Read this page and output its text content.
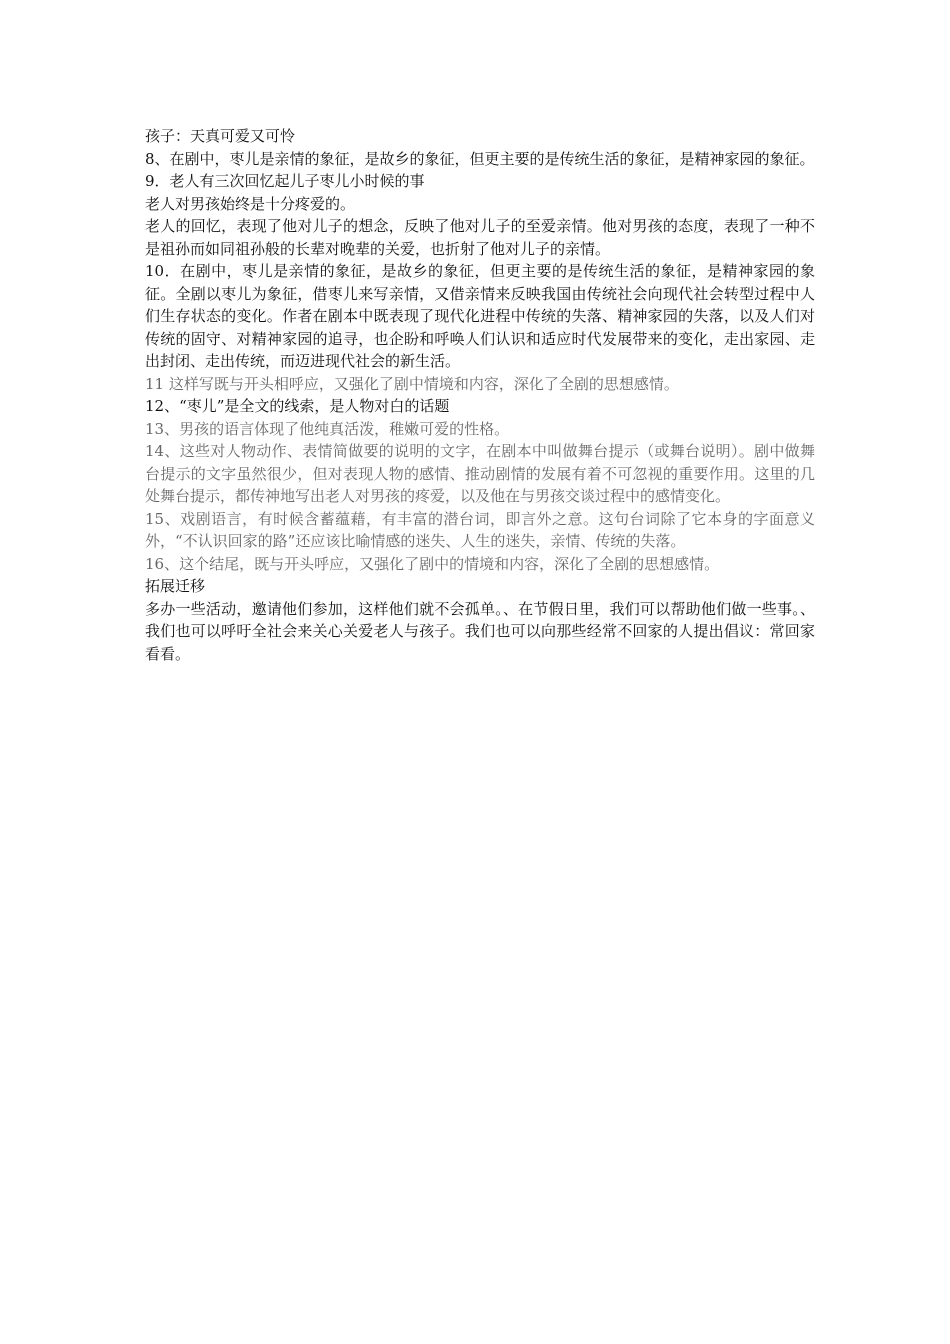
孩子：天真可爱又可怜

8、在剧中，枣儿是亲情的象征，是故乡的象征，但更主要的是传统生活的象征，是精神家园的象征。

9．老人有三次回忆起儿子枣儿小时候的事

老人对男孩始终是十分疼爱的。

老人的回忆，表现了他对儿子的想念，反映了他对儿子的至爱亲情。他对男孩的态度，表现了一种不是祖孙而如同祖孙般的长辈对晚辈的关爱，也折射了他对儿子的亲情。

10．在剧中，枣儿是亲情的象征，是故乡的象征，但更主要的是传统生活的象征，是精神家园的象征。全剧以枣儿为象征，借枣儿来写亲情，又借亲情来反映我国由传统社会向现代社会转型过程中人们生存状态的变化。作者在剧本中既表现了现代化进程中传统的失落、精神家园的失落，以及人们对传统的固守、对精神家园的追寻，也企盼和呼唤人们认识和适应时代发展带来的变化，走出家园、走出封闭、走出传统，而迈进现代社会的新生活。

11 这样写既与开头相呼应，又强化了剧中情境和内容，深化了全剧的思想感情。

12、“枣儿”是全文的线索，是人物对白的话题

13、男孩的语言体现了他纯真活泼，稚嫩可爱的性格。

14、这些对人物动作、表情简做要的说明的文字，在剧本中叫做舞台提示（或舞台说明）。剧中做舞台提示的文字虽然很少，但对表现人物的感情、推动剧情的发展有着不可忽视的重要作用。这里的几处舞台提示，都传神地写出老人对男孩的疼爱，以及他在与男孩交谈过程中的感情变化。

15、戏剧语言，有时候含蓄蕴藉，有丰富的潜台词，即言外之意。这句台词除了它本身的字面意义外，“不认识回家的路”还应该比喻情感的迷失、人生的迷失，亲情、传统的失落。

16、这个结尾，既与开头呼应，又强化了剧中的情境和内容，深化了全剧的思想感情。

拓展迁移

多办一些活动，邀请他们参加，这样他们就不会孤单。、在节假日里，我们可以帮助他们做一些事。、我们也可以呼吁全社会来关心关爱老人与孩子。我们也可以向那些经常不回家的人提出倡议：常回家看看。
